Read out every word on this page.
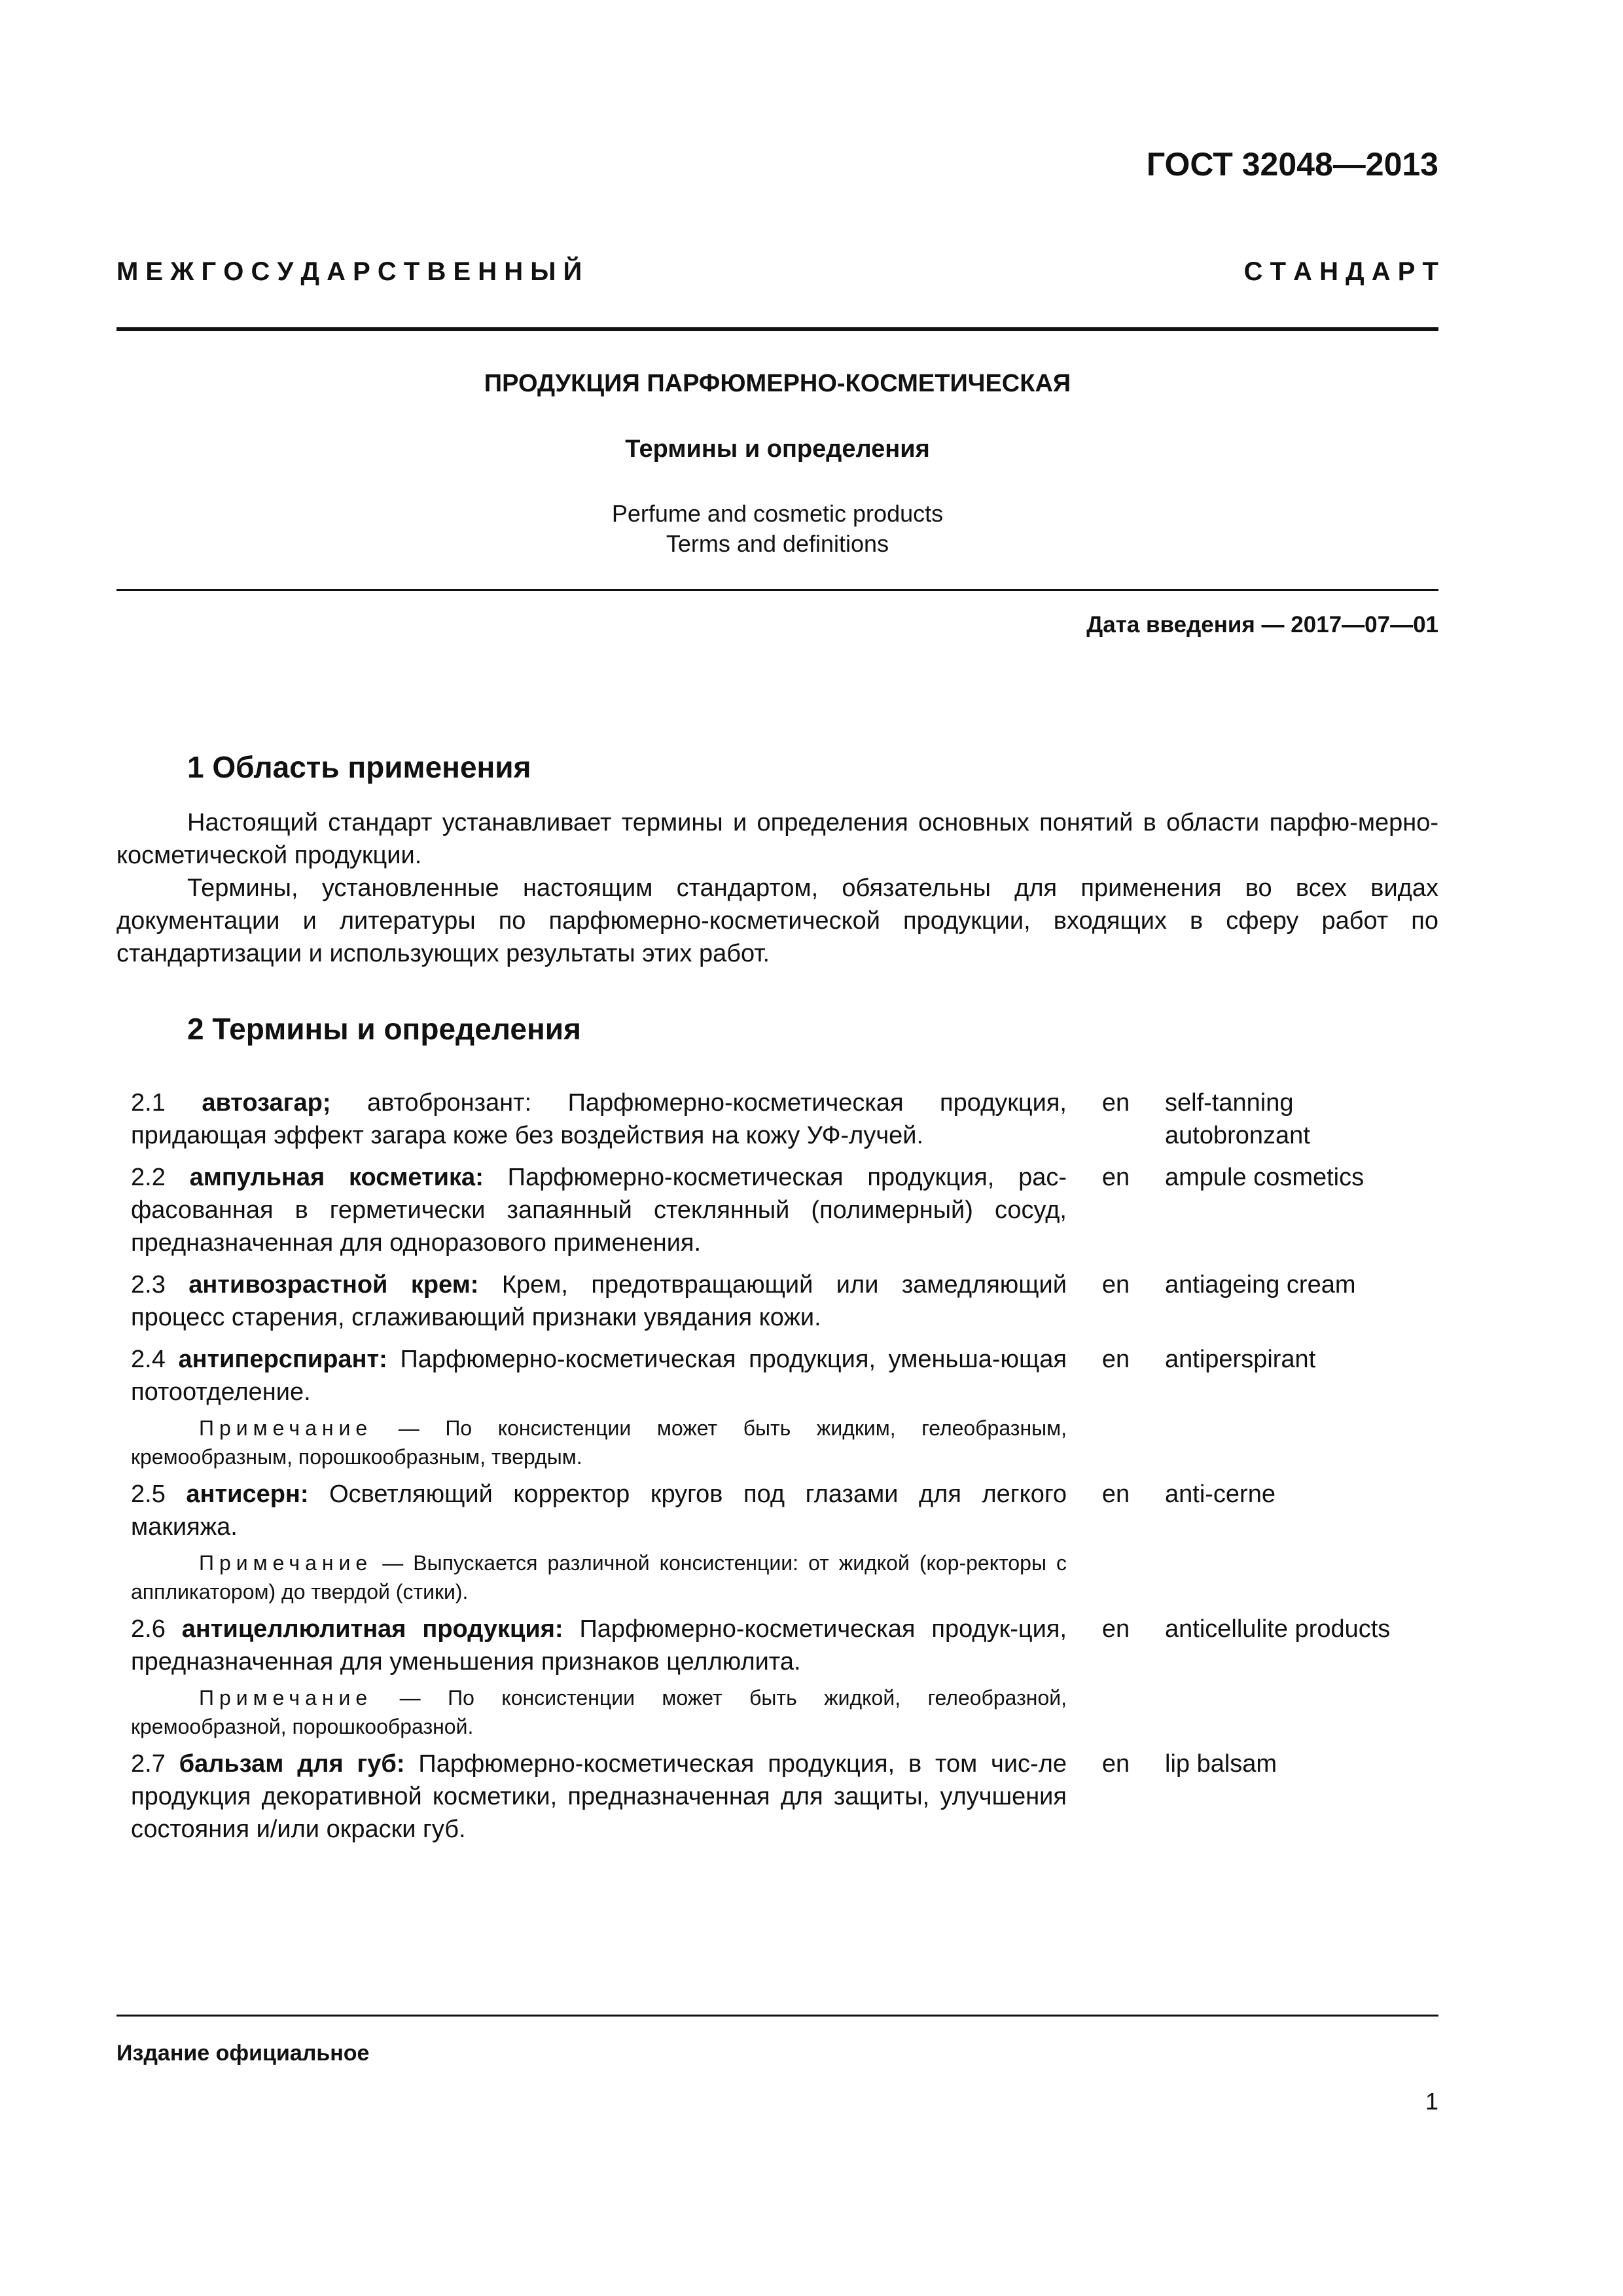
ГОСТ 32048—2013
М Е Ж Г О С У Д А Р С Т В Е Н Н Ы Й	С Т А Н Д А Р Т
ПРОДУКЦИЯ ПАРФЮМЕРНО-КОСМЕТИЧЕСКАЯ
Термины и определения
Perfume and cosmetic products
Terms and definitions
Дата введения — 2017—07—01
1 Область применения

Настоящий стандарт устанавливает термины и определения основных понятий в области парфю-мерно-косметической продукции.

Термины, установленные настоящим стандартом, обязательны для применения во всех видах документации и литературы по парфюмерно-косметической продукции, входящих в сферу работ по стандартизации и использующих результаты этих работ.

2 Термины и определения
2.1 автозагар; автобронзант: Парфюмерно-косметическая продукция, придающая эффект загара коже без воздействия на кожу УФ-лучей.
en	self-tanning autobronzant
2.2 ампульная косметика: Парфюмерно-косметическая продукция, рас-фасованная в герметически запаянный стеклянный (полимерный) сосуд, предназначенная для одноразового применения.
en	ampule cosmetics
2.3 антивозрастной крем: Крем, предотвращающий или замедляющий процесс старения, сглаживающий признаки увядания кожи.
en	antiageing cream
2.4 антиперспирант: Парфюмерно-косметическая продукция, уменьша-ющая потоотделение.
en	antiperspirant
Примечание — По консистенции может быть жидким, гелеобразным, кремообразным, порошкообразным, твердым.
2.5 антисерн: Осветляющий корректор кругов под глазами для легкого макияжа.
en	anti-cerne
Примечание — Выпускается различной консистенции: от жидкой (кор-ректоры с аппликатором) до твердой (стики).
2.6 антицеллюлитная продукция: Парфюмерно-косметическая продук-ция, предназначенная для уменьшения признаков целлюлита.
en	anticellulite products
Примечание — По консистенции может быть жидкой, гелеобразной, кремообразной, порошкообразной.
2.7 бальзам для губ: Парфюмерно-косметическая продукция, в том чис-ле продукция декоративной косметики, предназначенная для защиты, улучшения состояния и/или окраски губ.
en	lip balsam
Издание официальное
1
